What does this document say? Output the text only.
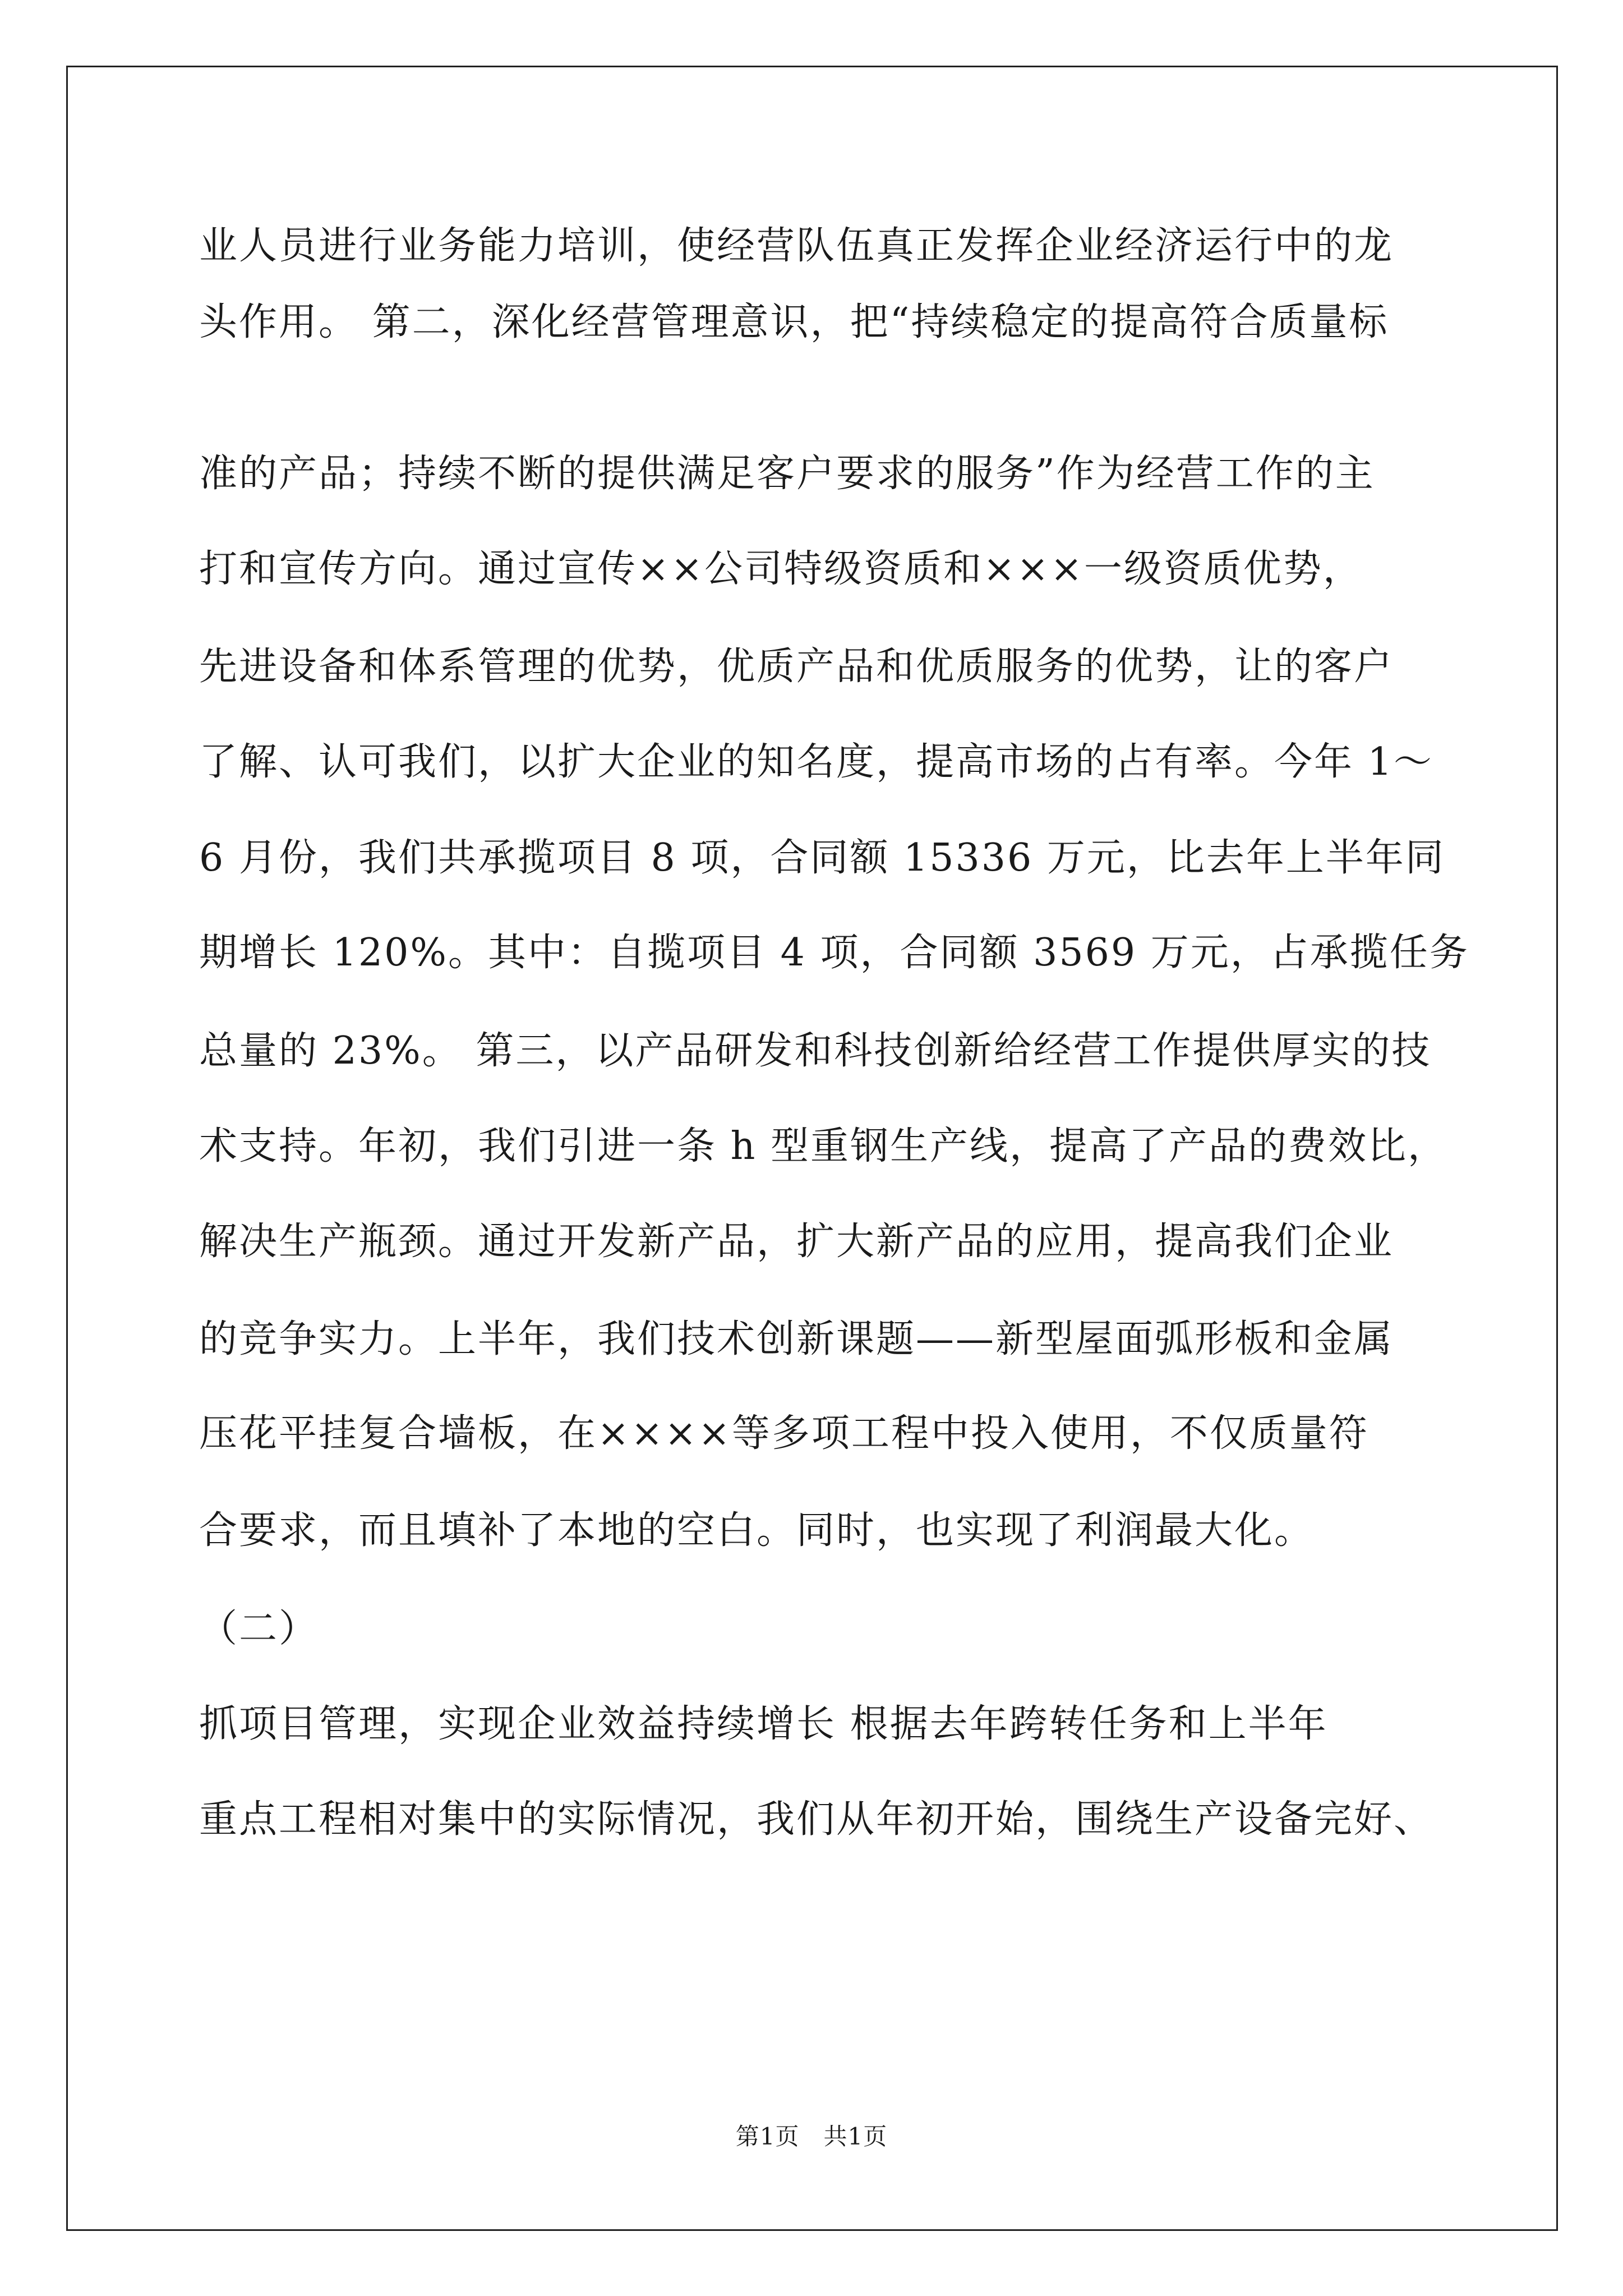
业人员进行业务能力培训，使经营队伍真正发挥企业经济运行中的龙
头作用。 第二，深化经营管理意识，把“持续稳定的提高符合质量标
准的产品；持续不断的提供满足客户要求的服务”作为经营工作的主
打和宣传方向。通过宣传××公司特级资质和×××一级资质优势，
先进设备和体系管理的优势，优质产品和优质服务的优势，让的客户
了解、认可我们，以扩大企业的知名度，提高市场的占有率。今年 1～
6 月份，我们共承揽项目 8 项，合同额 15336 万元，比去年上半年同
期增长 120%。其中：自揽项目 4 项，合同额 3569 万元，占承揽任务
总量的 23%。 第三，以产品研发和科技创新给经营工作提供厚实的技
术支持。年初，我们引进一条 h 型重钢生产线，提高了产品的费效比，
解决生产瓶颈。通过开发新产品，扩大新产品的应用，提高我们企业
的竞争实力。上半年，我们技术创新课题——新型屋面弧形板和金属
压花平挂复合墙板，在××××等多项工程中投入使用，不仅质量符
合要求，而且填补了本地的空白。同时，也实现了利润最大化。
（二）
抓项目管理，实现企业效益持续增长 根据去年跨转任务和上半年
重点工程相对集中的实际情况，我们从年初开始，围绕生产设备完好、
第1页　共1页
